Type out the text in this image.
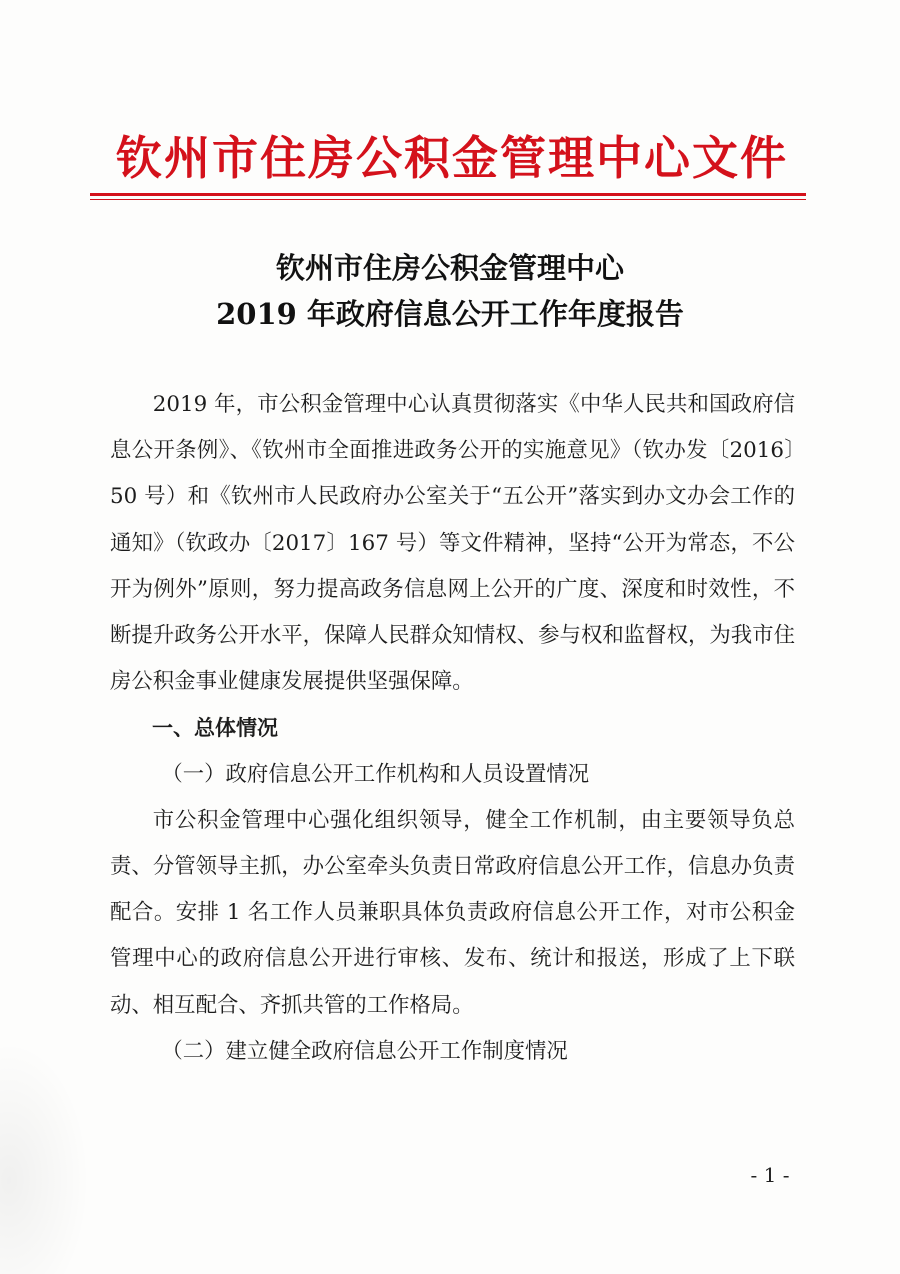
钦州市住房公积金管理中心文件
钦州市住房公积金管理中心
2019 年政府信息公开工作年度报告

2019 年，市公积金管理中心认真贯彻落实《中华人民共和国政府信息公开条例》、《钦州市全面推进政务公开的实施意见》（钦办发〔2016〕50 号）和《钦州市人民政府办公室关于“五公开”落实到办文办会工作的通知》（钦政办〔2017〕167 号）等文件精神，坚持“公开为常态，不公开为例外”原则，努力提高政务信息网上公开的广度、深度和时效性，不断提升政务公开水平，保障人民群众知情权、参与权和监督权，为我市住房公积金事业健康发展提供坚强保障。

一、总体情况

（一）政府信息公开工作机构和人员设置情况

市公积金管理中心强化组织领导，健全工作机制，由主要领导负总责、分管领导主抓，办公室牵头负责日常政府信息公开工作，信息办负责配合。安排 1 名工作人员兼职具体负责政府信息公开工作，对市公积金管理中心的政府信息公开进行审核、发布、统计和报送，形成了上下联动、相互配合、齐抓共管的工作格局。

（二）建立健全政府信息公开工作制度情况

- 1 -
